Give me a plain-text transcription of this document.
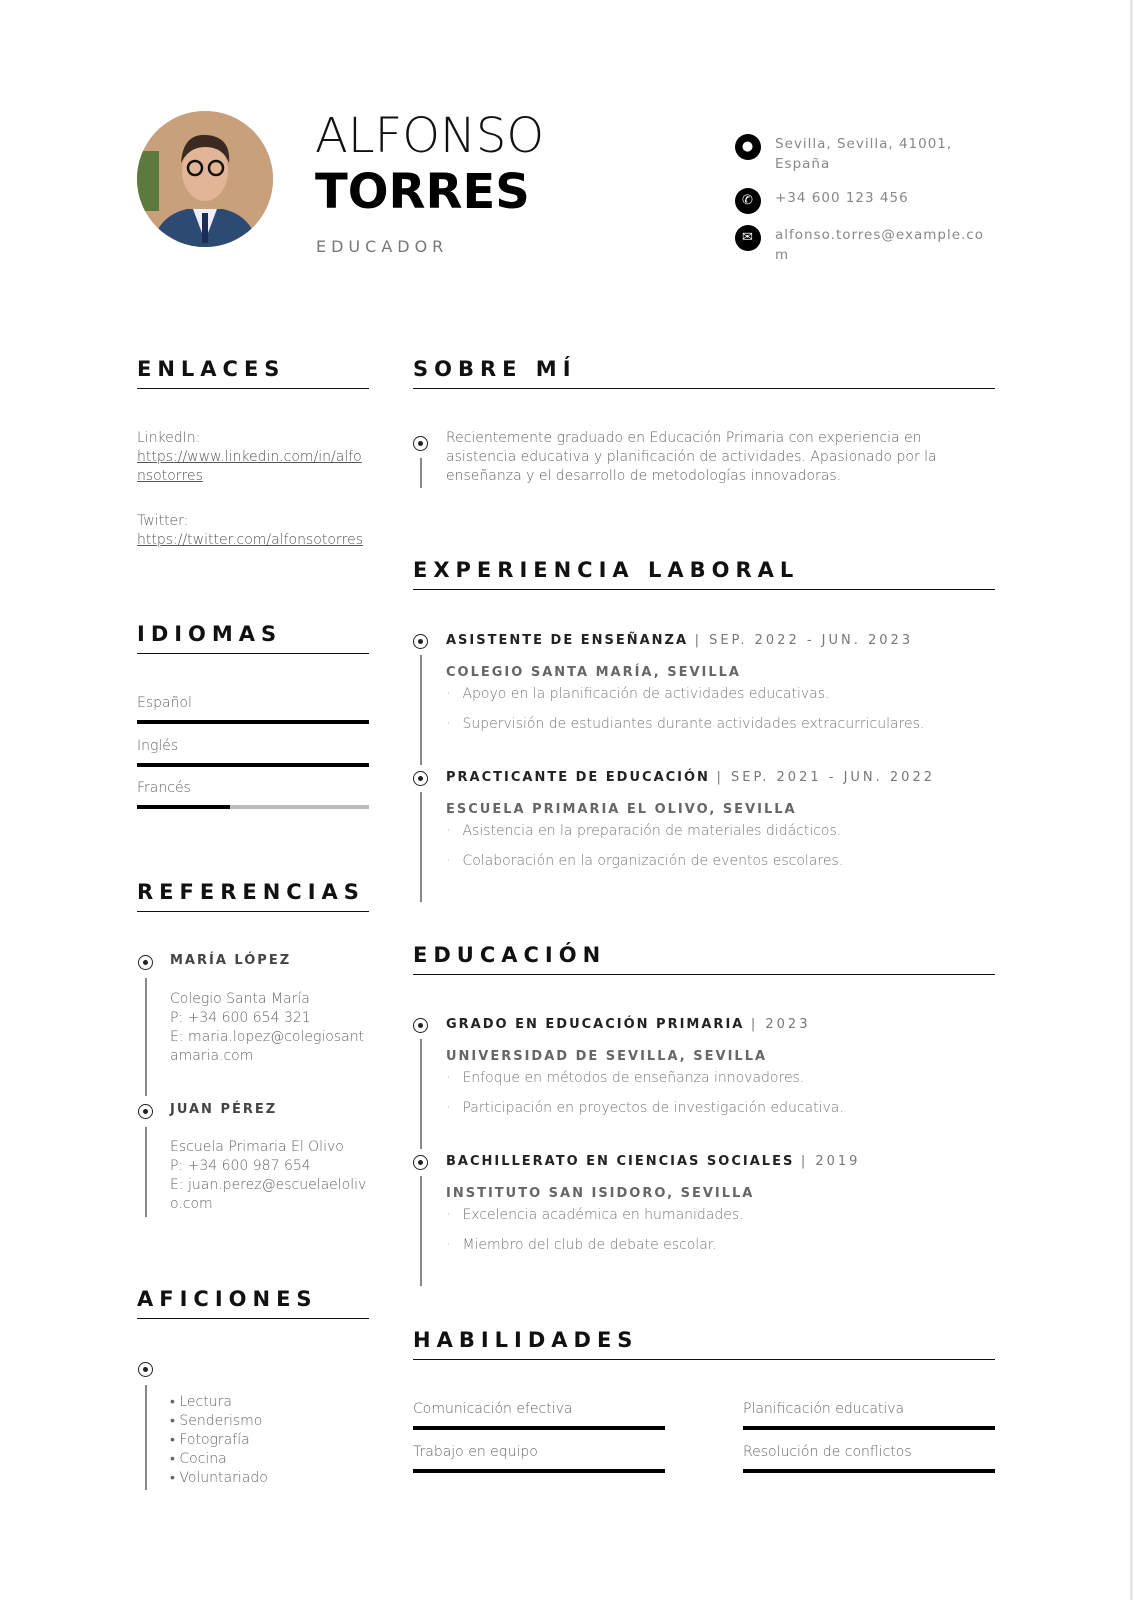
ALFONSO
TORRES
EDUCADOR
●	Sevilla, Sevilla, 41001, España
✆	+34 600 123 456
✉	alfonso.torres@example.com
ENLACES
LinkedIn:
https://www.linkedin.com/in/alfonsotorres
Twitter:
https://twitter.com/alfonsotorres
IDIOMAS
Español
Inglés
Francés
REFERENCIAS
MARÍA LÓPEZ
Colegio Santa María
P: +34 600 654 321
E: maria.lopez@colegiosantamaria.com
JUAN PÉREZ
Escuela Primaria El Olivo
P: +34 600 987 654
E: juan.perez@escuelaelolivo.com
AFICIONES
• Lectura
• Senderismo
• Fotografía
• Cocina
• Voluntariado
SOBRE MÍ
Recientemente graduado en Educación Primaria con experiencia en asistencia educativa y planificación de actividades. Apasionado por la enseñanza y el desarrollo de metodologías innovadoras.
EXPERIENCIA LABORAL
ASISTENTE DE ENSEÑANZA | SEP. 2022 - JUN. 2023
COLEGIO SANTA MARÍA, SEVILLA
· Apoyo en la planificación de actividades educativas.
· Supervisión de estudiantes durante actividades extracurriculares.
PRACTICANTE DE EDUCACIÓN | SEP. 2021 - JUN. 2022
ESCUELA PRIMARIA EL OLIVO, SEVILLA
· Asistencia en la preparación de materiales didácticos.
· Colaboración en la organización de eventos escolares.
EDUCACIÓN
GRADO EN EDUCACIÓN PRIMARIA | 2023
UNIVERSIDAD DE SEVILLA, SEVILLA
· Enfoque en métodos de enseñanza innovadores.
· Participación en proyectos de investigación educativa.
BACHILLERATO EN CIENCIAS SOCIALES | 2019
INSTITUTO SAN ISIDORO, SEVILLA
· Excelencia académica en humanidades.
· Miembro del club de debate escolar.
HABILIDADES
Comunicación efectiva	Planificación educativa
Trabajo en equipo	Resolución de conflictos
